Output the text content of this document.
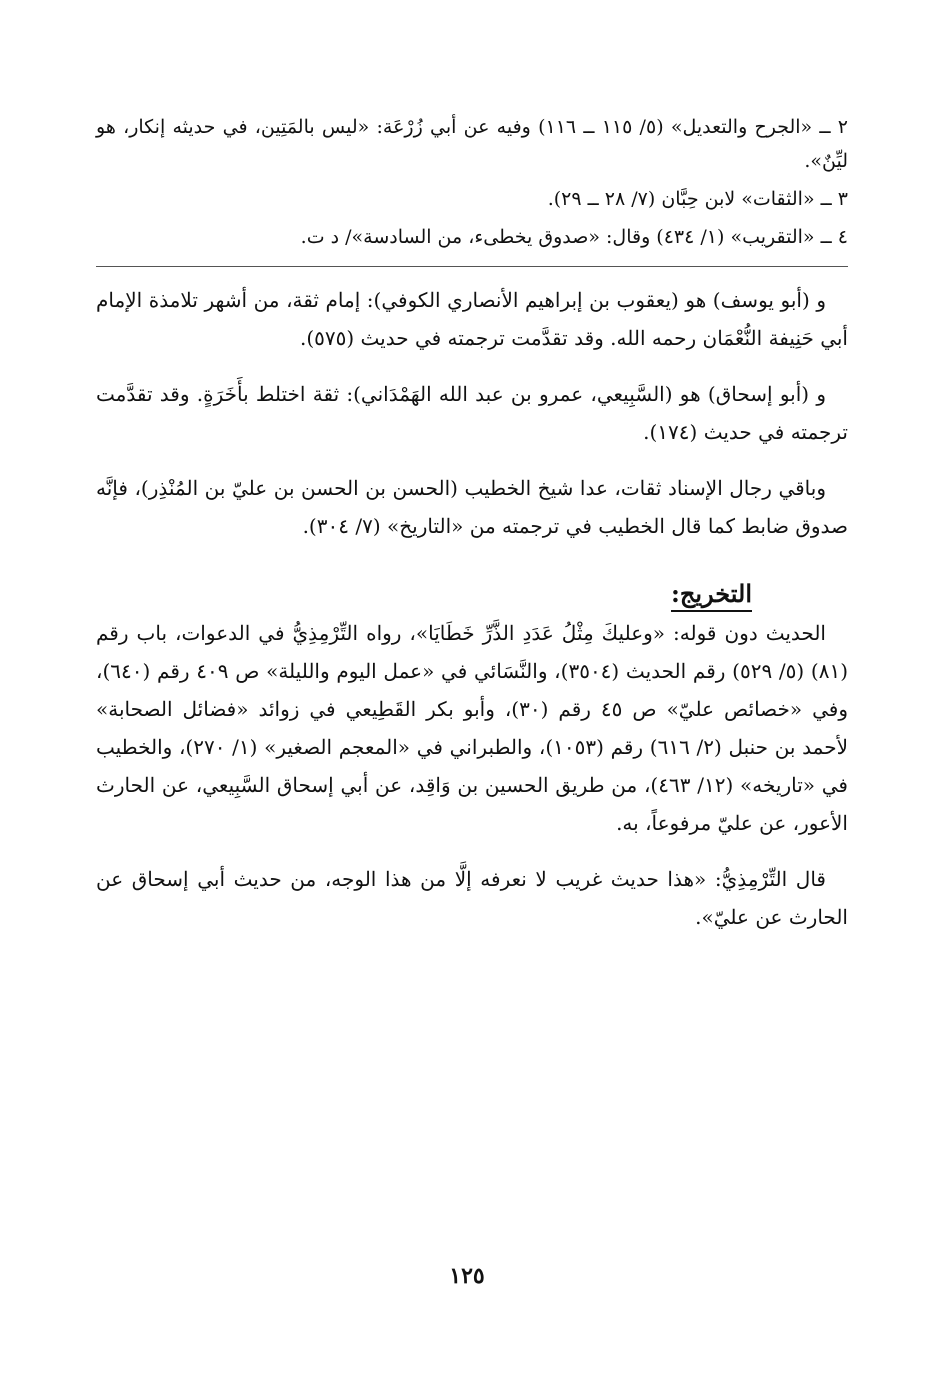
٢ ــ «الجرح والتعديل» (٥/ ١١٥ ــ ١١٦) وفيه عن أبي زُرْعَة: «ليس بالمَتِين، في حديثه إنكار، هو ليِّنٌ».

٣ ــ «الثقات» لابن حِبَّان (٧/ ٢٨ ــ ٢٩).

٤ ــ «التقريب» (١/ ٤٣٤) وقال: «صدوق يخطىء، من السادسة»/ د ت.

و (أبو يوسف) هو (يعقوب بن إبراهيم الأنصاري الكوفي): إمام ثقة، من أشهر تلامذة الإمام أبي حَنِيفة النُّعْمَان رحمه الله. وقد تقدَّمت ترجمته في حديث (٥٧٥).

و (أبو إسحاق) هو (السَّبِيعي، عمرو بن عبد الله الهَمْدَاني): ثقة اختلط بأَخَرَةٍ. وقد تقدَّمت ترجمته في حديث (١٧٤).

وباقي رجال الإسناد ثقات، عدا شيخ الخطيب (الحسن بن الحسن بن عليّ بن المُنْذِر)، فإنَّه صدوق ضابط كما قال الخطيب في ترجمته من «التاريخ» (٧/ ٣٠٤).

التخريج:

الحديث دون قوله: «وعليكَ مِثْلُ عَدَدِ الذَّرِّ خَطَايَا»، رواه التِّرْمِذِيُّ في الدعوات، باب رقم (٨١) (٥/ ٥٢٩) رقم الحديث (٣٥٠٤)، والنَّسَائي في «عمل اليوم والليلة» ص ٤٠٩ رقم (٦٤٠)، وفي «خصائص عليّ» ص ٤٥ رقم (٣٠)، وأبو بكر القَطِيعي في زوائد «فضائل الصحابة» لأحمد بن حنبل (٢/ ٦١٦) رقم (١٠٥٣)، والطبراني في «المعجم الصغير» (١/ ٢٧٠)، والخطيب في «تاريخه» (١٢/ ٤٦٣)، من طريق الحسين بن وَاقِد، عن أبي إسحاق السَّبِيعي، عن الحارث الأعور، عن عليّ مرفوعاً، به.

قال التِّرْمِذِيُّ: «هذا حديث غريب لا نعرفه إلَّا من هذا الوجه، من حديث أبي إسحاق عن الحارث عن عليّ».

١٢٥
